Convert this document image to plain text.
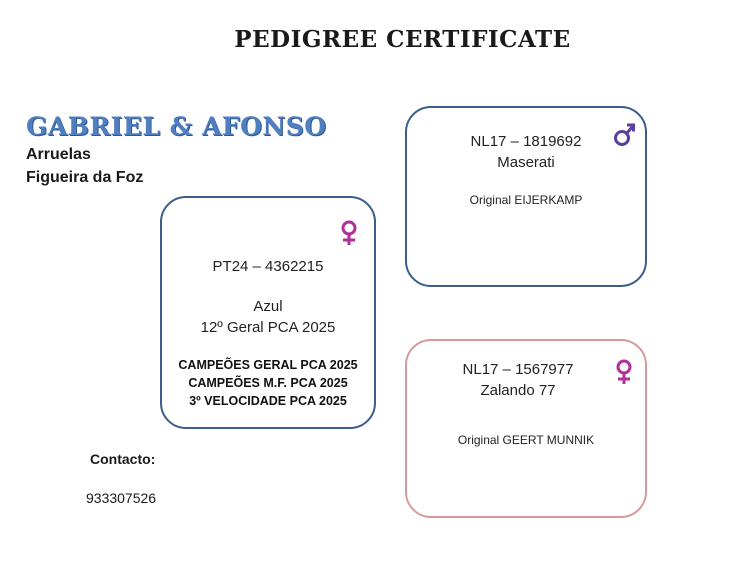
PEDIGREE CERTIFICATE
GABRIEL & AFONSO
Arruelas
Figueira da Foz
PT24 – 4362215
Azul
12º Geral PCA 2025
CAMPEÕES GERAL PCA 2025
CAMPEÕES M.F. PCA 2025
3º VELOCIDADE PCA 2025
NL17 – 1819692
Maserati
Original EIJERKAMP
NL17 – 1567977
Zalando 77
Original GEERT MUNNIK
Contacto:
933307526
